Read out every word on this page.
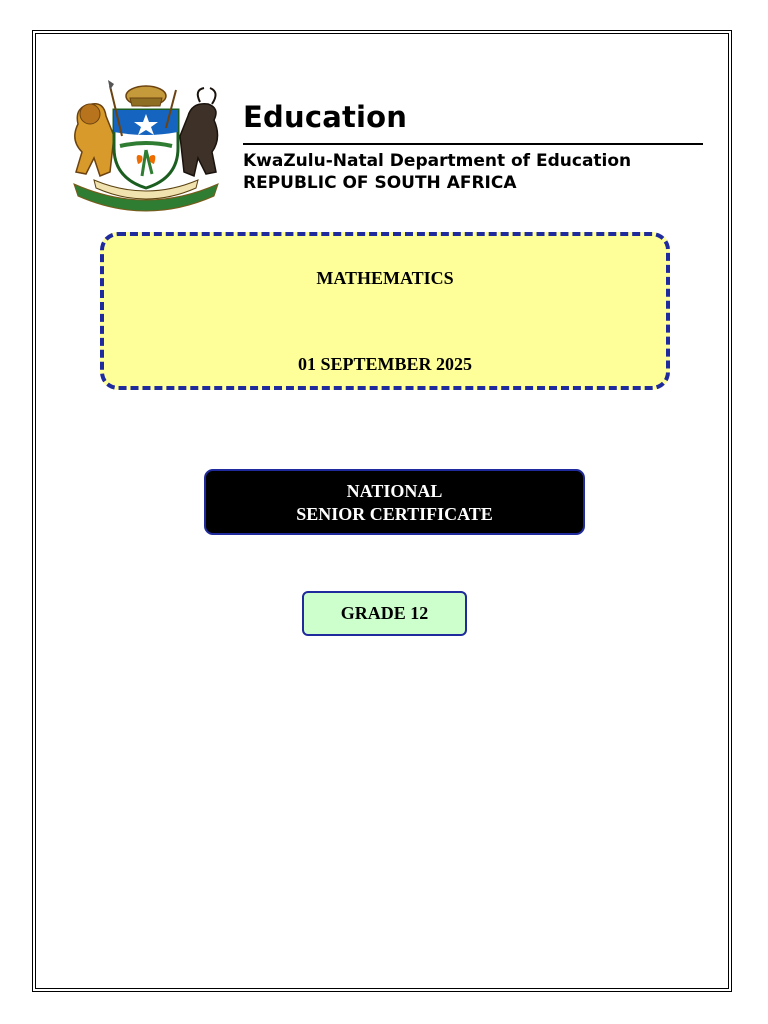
Education
KwaZulu-Natal Department of Education
REPUBLIC OF SOUTH AFRICA
MATHEMATICS
01 SEPTEMBER 2025
NATIONAL
SENIOR CERTIFICATE
GRADE 12
